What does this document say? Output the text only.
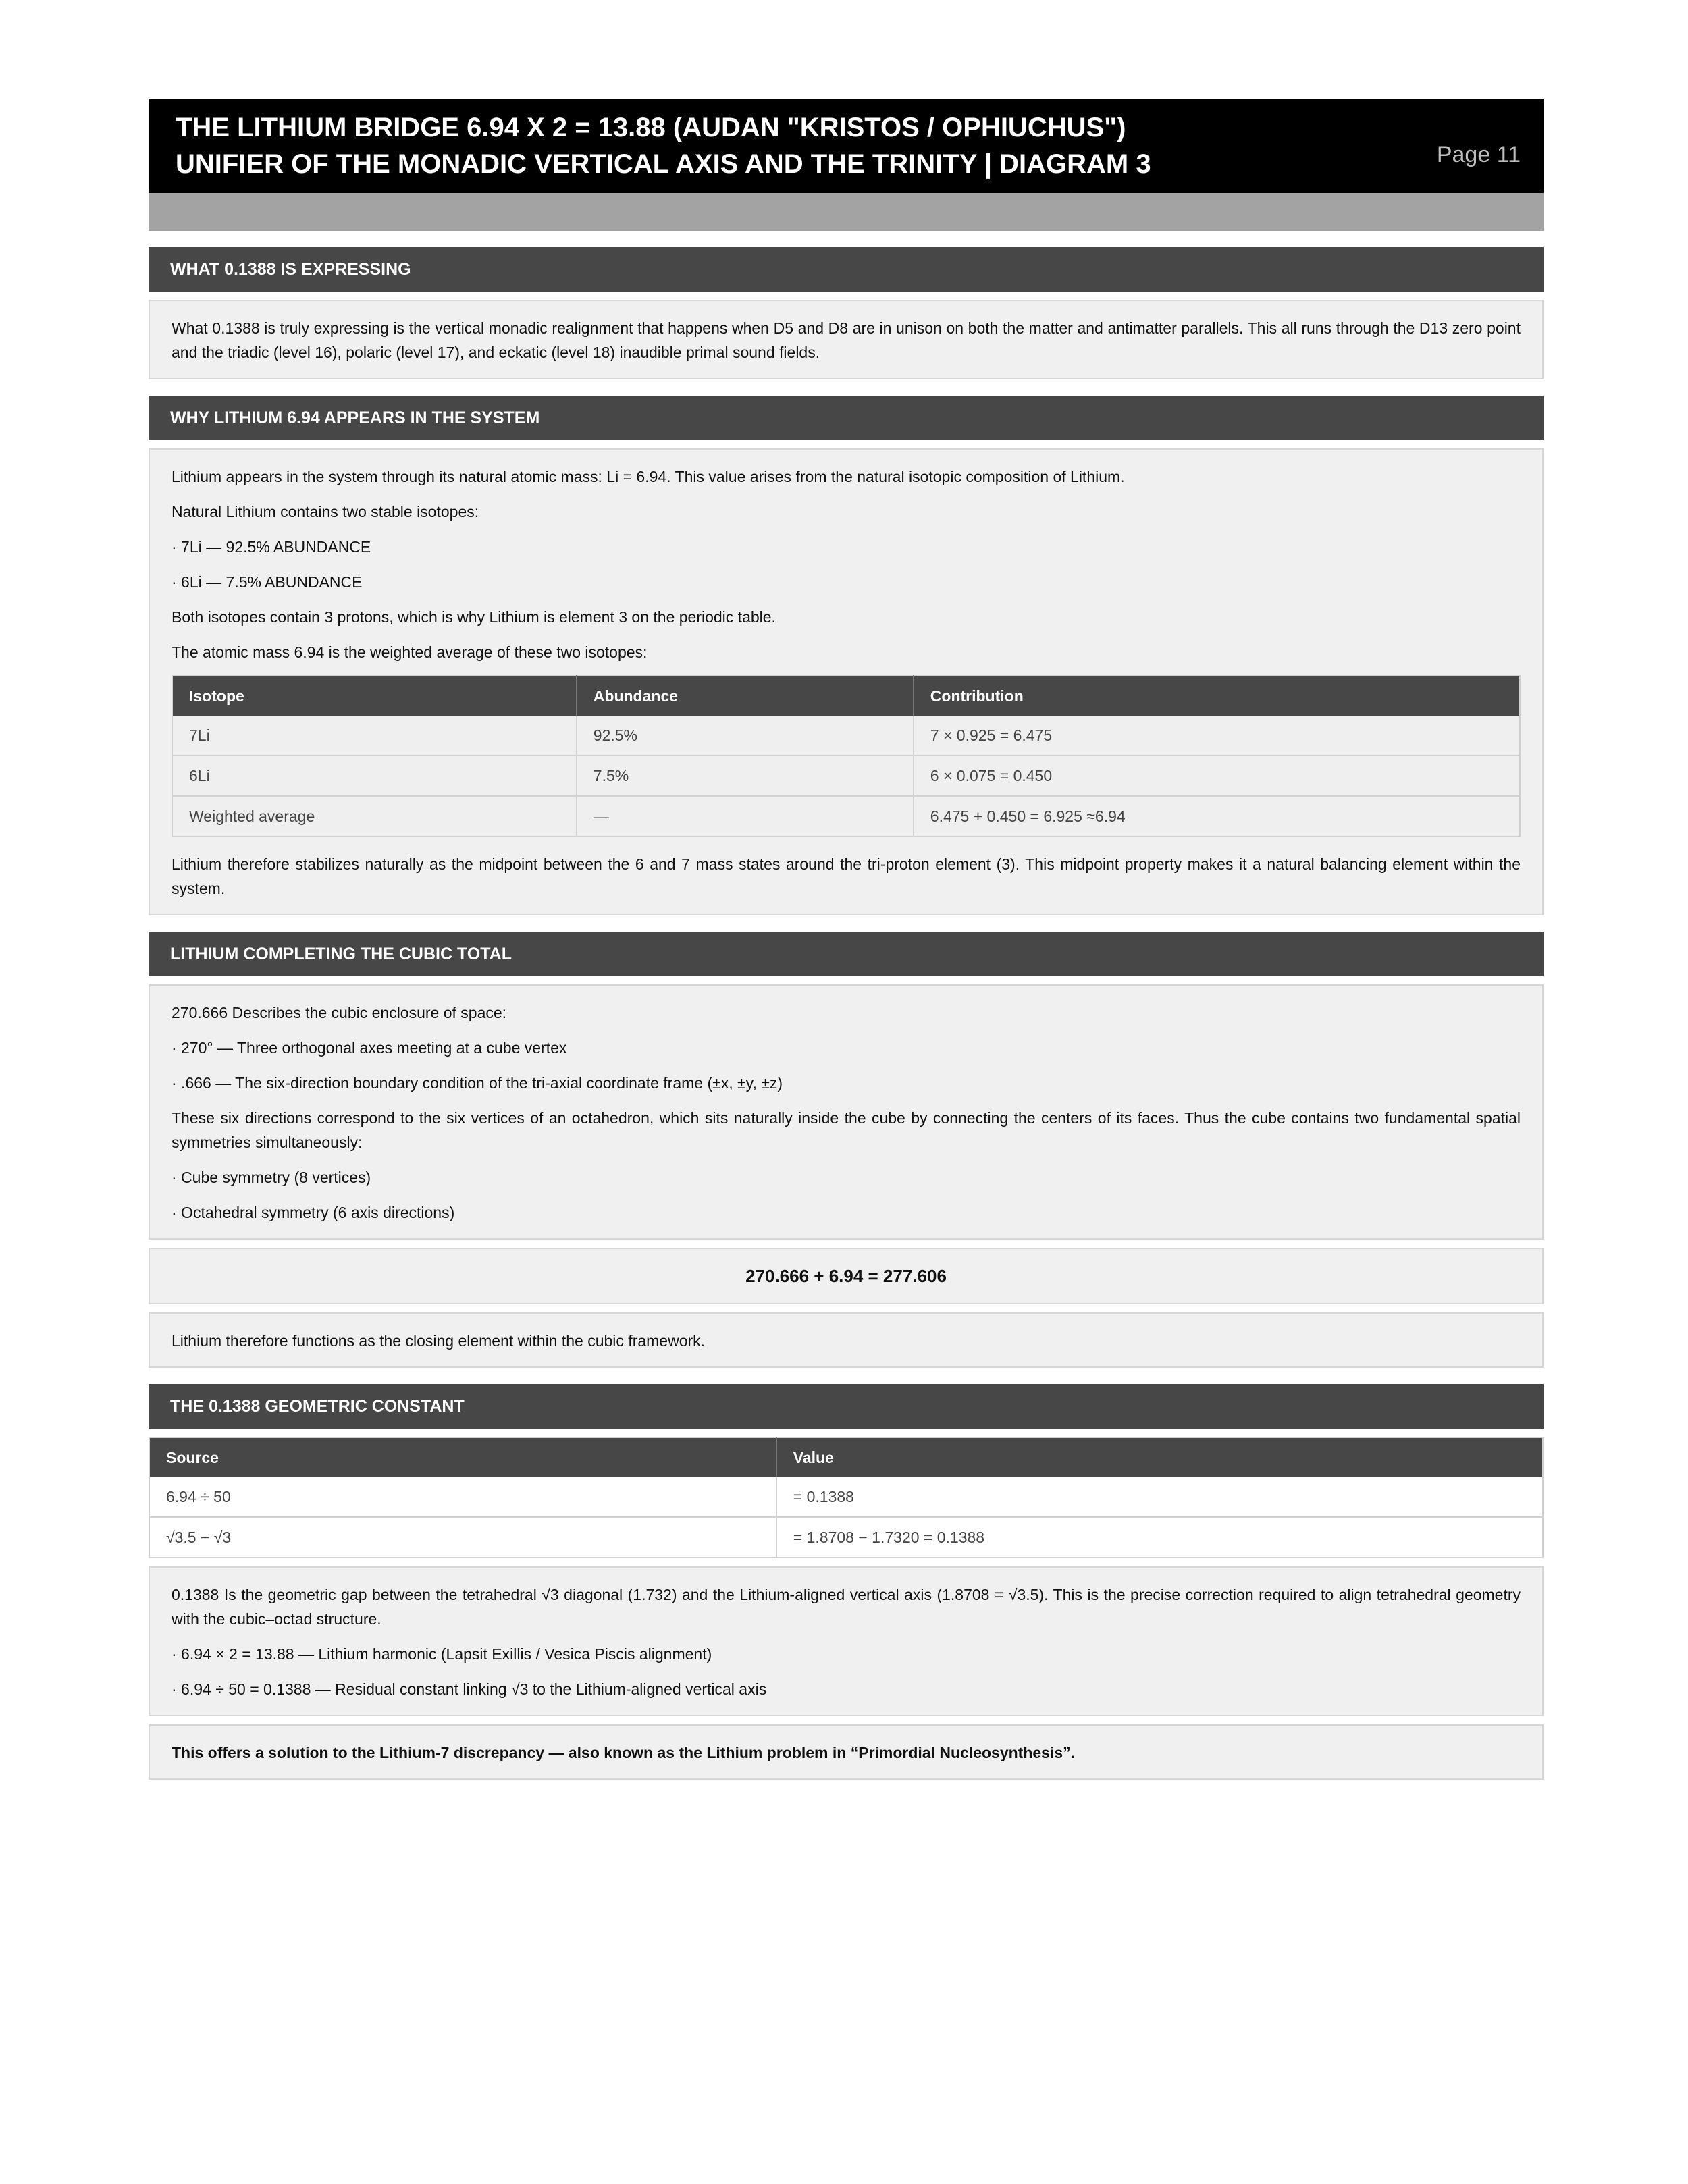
THE LITHIUM BRIDGE 6.94 X 2 = 13.88 (AUDAN "KRISTOS / OPHIUCHUS")
UNIFIER OF THE MONADIC VERTICAL AXIS AND THE TRINITY | DIAGRAM 3	Page 11
WHAT 0.1388 IS EXPRESSING

What 0.1388 is truly expressing is the vertical monadic realignment that happens when D5 and D8 are in unison on both the matter and antimatter parallels. This all runs through the D13 zero point and the triadic (level 16), polaric (level 17), and eckatic (level 18) inaudible primal sound fields.

WHY LITHIUM 6.94 APPEARS IN THE SYSTEM

Lithium appears in the system through its natural atomic mass: Li = 6.94. This value arises from the natural isotopic composition of Lithium.

Natural Lithium contains two stable isotopes:

· 7Li — 92.5% ABUNDANCE

· 6Li — 7.5% ABUNDANCE

Both isotopes contain 3 protons, which is why Lithium is element 3 on the periodic table.

The atomic mass 6.94 is the weighted average of these two isotopes:

Isotope	Abundance	Contribution
7Li	92.5%	7 × 0.925 = 6.475
6Li	7.5%	6 × 0.075 = 0.450
Weighted average	—	6.475 + 0.450 = 6.925 ≈6.94

Lithium therefore stabilizes naturally as the midpoint between the 6 and 7 mass states around the tri-proton element (3). This midpoint property makes it a natural balancing element within the system.

LITHIUM COMPLETING THE CUBIC TOTAL

270.666 Describes the cubic enclosure of space:

· 270° — Three orthogonal axes meeting at a cube vertex

· .666 — The six-direction boundary condition of the tri-axial coordinate frame (±x, ±y, ±z)

These six directions correspond to the six vertices of an octahedron, which sits naturally inside the cube by connecting the centers of its faces. Thus the cube contains two fundamental spatial symmetries simultaneously:

· Cube symmetry (8 vertices)

· Octahedral symmetry (6 axis directions)

270.666 + 6.94 = 277.606

Lithium therefore functions as the closing element within the cubic framework.

THE 0.1388 GEOMETRIC CONSTANT
Source	Value
6.94 ÷ 50	= 0.1388
√3.5 − √3	= 1.8708 − 1.7320 = 0.1388

0.1388 Is the geometric gap between the tetrahedral √3 diagonal (1.732) and the Lithium-aligned vertical axis (1.8708 = √3.5). This is the precise correction required to align tetrahedral geometry with the cubic–octad structure.

· 6.94 × 2 = 13.88 — Lithium harmonic (Lapsit Exillis / Vesica Piscis alignment)

· 6.94 ÷ 50 = 0.1388 — Residual constant linking √3 to the Lithium-aligned vertical axis

This offers a solution to the Lithium-7 discrepancy — also known as the Lithium problem in “Primordial Nucleosynthesis”.
